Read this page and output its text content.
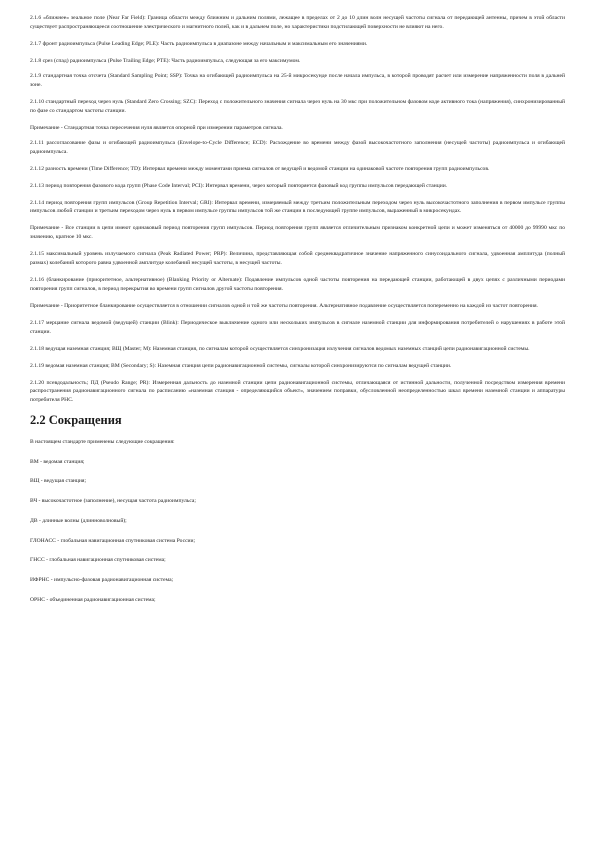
2.1.6 «ближнее» зеальное поле (Near Far Field): Граница области между ближним и дальним полями, лежащее в пределах от 2 до 10 длин волн несущей частоты сигнала от передающей антенны, причем в этой области существует распространяющееся соотношение электрического и магнитного полей, как и в дальнем поле, но характеристики подстилающей поверхности не влияют на него.

2.1.7 фронт радиоимпульса (Pulse Leading Edge; PLE): Часть радиоимпульса в диапазоне между начальным и максимальным его значениями.

2.1.8 срез (спад) радиоимпульса (Pulse Trailing Edge; PTE): Часть радиоимпульса, следующая за его максимумом.

2.1.9 стандартная точка отсчета (Standard Sampling Point; SSP): Точка на огибающей радиоимпульса на 25-й микросекунде после начала импульса, в которой проводят расчет или измерение напряженности поля в дальней зоне.

2.1.10 стандартный переход через нуль (Standard Zero Crossing; SZC): Переход с положительного значения сигнала через нуль на 30 мкс при положительном фазовом коде активного тока (напряжения), синхронизированный по фазе со стандартом частоты станции.

Примечание - Стандартная точка пересечения нуля является опорной при измерении параметров сигнала.

2.1.11 рассогласование фазы и огибающей радиоимпульса (Envelope-to-Cycle Difference; ECD): Расхождение во времени между фазой высокочастотного заполнения (несущей частоты) радиоимпульса и огибающей радиоимпульса.

2.1.12 разность времени (Time Difference; TD): Интервал времени между моментами приема сигналов от ведущей и ведомой станции на одинаковой частоте повторения групп радиоимпульсов.

2.1.13 период повторения фазового кода групп (Phase Code Interval; PCI): Интервал времени, через который повторяется фазовый код группы импульсов передающей станции.

2.1.14 период повторения групп импульсов (Group Repetition Interval; GRI): Интервал времени, измеряемый между третьим положительным переходом через нуль высокочастотного заполнения в первом импульсе группы импульсов любой станции и третьим переходом через нуль в первом импульсе группы импульсов той же станции в последующей группе импульсов, выраженный в микросекундах.

Примечание - Все станции в цепи имеют одинаковый период повторения групп импульсов. Период повторения групп является отличительным признаком конкретной цепи и может изменяться от 40000 до 99990 мкс по значению, кратное 10 мкс.

2.1.15 максимальный уровень излучаемого сигнала (Peak Radiated Power; PRP): Величина, представляющая собой среднеквадратичное значение напряженного синусоидального сигнала, удвоенная амплитуда (полный размах) колебаний которого равна удвоенной амплитуде колебаний несущей частоты, в несущей частоты.

2.1.16 (бланкирование (приоритетное, альтернативное) (Blanking Priority or Alternate): Подавление импульсов одной частоты повторения на передающей станции, работающей в двух цепях с различными периодами повторения групп сигналов, в период перекрытия во времени групп сигналов другой частоты повторения.

Примечание - Приоритетное бланкирование осуществляется в отношении сигналов одной и той же частоты повторения. Альтернативное подавление осуществляется попеременно на каждой из частот повторения.

2.1.17 мерцание сигнала ведомой (ведущей) станции (Blink): Периодическое выключение одного или нескольких импульсов в сигнале наземной станции для информирования потребителей о нарушениях в работе этой станции.

2.1.18 ведущая наземная станция; ВЩ (Master; M): Наземная станция, по сигналам которой осуществляется синхронизация излучения сигналов ведомых наземных станций цепи радионавигационной системы.

2.1.19 ведомая наземная станция; ВМ (Secondary; S): Наземная станция цепи радионавигационной системы, сигналы которой синхронизируются по сигналам ведущей станции.

2.1.20 псевдодальность; ПД (Pseudo Range; PR): Измеренная дальность до наземной станции цепи радионавигационной системы, отличающаяся от истинной дальности, полученной посредством измерения времени распространения радионавигационного сигнала по расписанию «наземная станция - определяющийся объект», значением поправки, обусловленной неопределенностью шкал времени наземной станции и аппаратуры потребителя РНС.

2.2 Сокращения

В настоящем стандарте применены следующие сокращения:

ВМ - ведомая станция;

ВЩ - ведущая станция;

ВЧ - высокочастотное (заполнение), несущая частота радиоимпульса;

ДВ - длинные волны (длинноволновый);

ГЛОНАСС - глобальная навигационная спутниковая система России;

ГНСС - глобальная навигационная спутниковая система;

ИФРНС - импульсно-фазовая радионавигационная система;

ОРНС - объединенная радионавигационная система;
